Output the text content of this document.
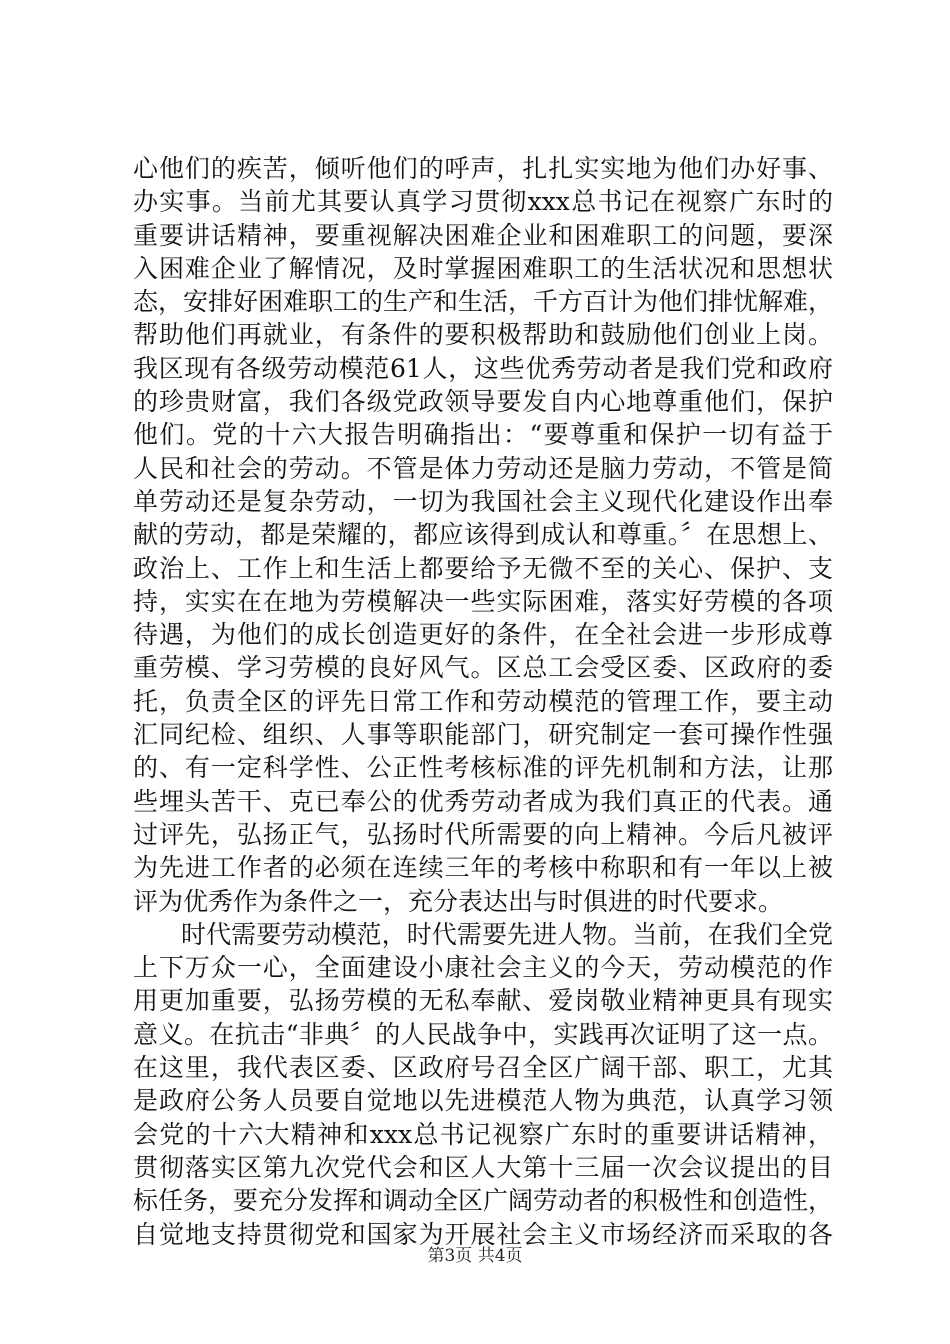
心他们的疾苦，倾听他们的呼声，扎扎实实地为他们办好事、
办实事。当前尤其要认真学习贯彻xxx总书记在视察广东时的
重要讲话精神，要重视解决困难企业和困难职工的问题，要深
入困难企业了解情况，及时掌握困难职工的生活状况和思想状
态，安排好困难职工的生产和生活，千方百计为他们排忧解难，
帮助他们再就业，有条件的要积极帮助和鼓励他们创业上岗。
我区现有各级劳动模范61人，这些优秀劳动者是我们党和政府
的珍贵财富，我们各级党政领导要发自内心地尊重他们，保护
他们。党的十六大报告明确指出：“要尊重和保护一切有益于
人民和社会的劳动。不管是体力劳动还是脑力劳动，不管是简
单劳动还是复杂劳动，一切为我国社会主义现代化建设作出奉
献的劳动，都是荣耀的，都应该得到成认和尊重。〞在思想上、
政治上、工作上和生活上都要给予无微不至的关心、保护、支
持，实实在在地为劳模解决一些实际困难，落实好劳模的各项
待遇，为他们的成长创造更好的条件，在全社会进一步形成尊
重劳模、学习劳模的良好风气。区总工会受区委、区政府的委
托，负责全区的评先日常工作和劳动模范的管理工作，要主动
汇同纪检、组织、人事等职能部门，研究制定一套可操作性强
的、有一定科学性、公正性考核标准的评先机制和方法，让那
些埋头苦干、克已奉公的优秀劳动者成为我们真正的代表。通
过评先，弘扬正气，弘扬时代所需要的向上精神。今后凡被评
为先进工作者的必须在连续三年的考核中称职和有一年以上被
评为优秀作为条件之一，充分表达出与时俱进的时代要求。
时代需要劳动模范，时代需要先进人物。当前，在我们全党
上下万众一心，全面建设小康社会主义的今天，劳动模范的作
用更加重要，弘扬劳模的无私奉献、爱岗敬业精神更具有现实
意义。在抗击“非典〞的人民战争中，实践再次证明了这一点。
在这里，我代表区委、区政府号召全区广阔干部、职工，尤其
是政府公务人员要自觉地以先进模范人物为典范，认真学习领
会党的十六大精神和xxx总书记视察广东时的重要讲话精神，
贯彻落实区第九次党代会和区人大第十三届一次会议提出的目
标任务，要充分发挥和调动全区广阔劳动者的积极性和创造性，
自觉地支持贯彻党和国家为开展社会主义市场经济而采取的各
第3页 共4页
